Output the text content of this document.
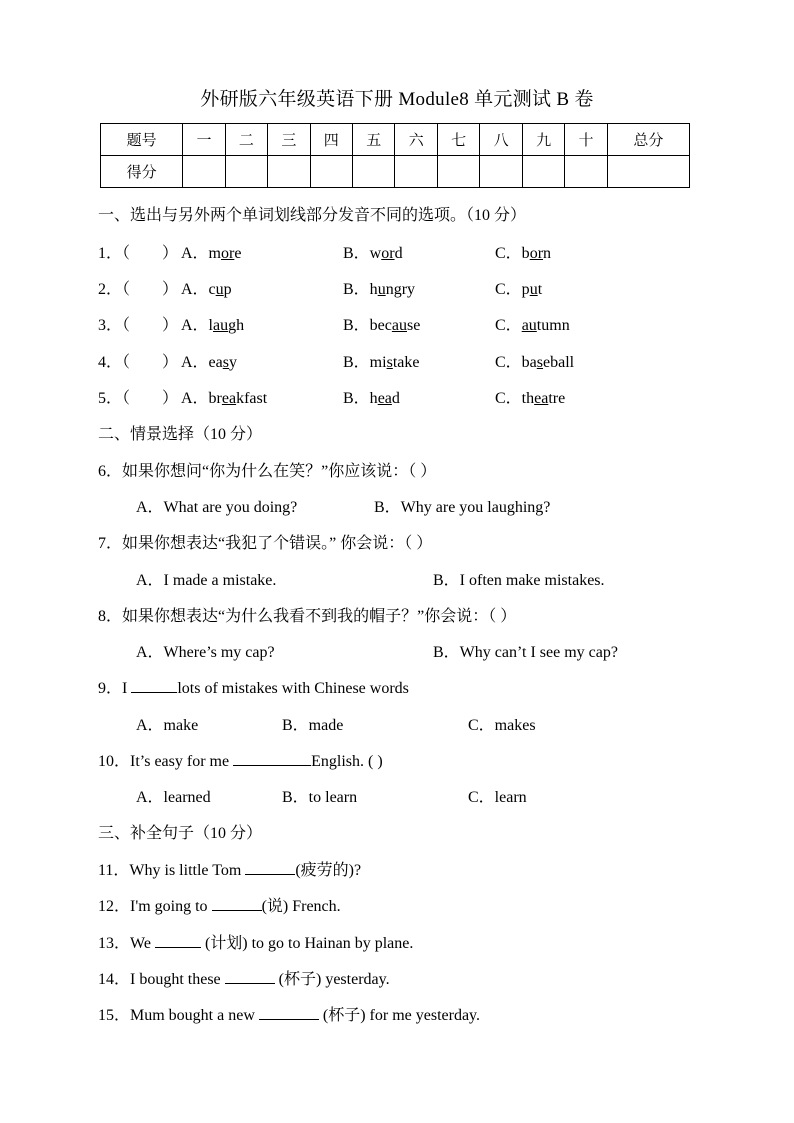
外研版六年级英语下册 Module8 单元测试 B 卷
题号	一	二	三	四	五	六	七	八	九	十	总分
得分											
一、选出与另外两个单词划线部分发音不同的选项。（10 分）
1．（　　） A．more	B．word	C．born
2．（　　） A．cup	B．hungry	C．put
3．（　　） A．laugh	B．because	C．autumn
4．（　　） A．easy	B．mistake	C．baseball
5．（　　） A．breakfast	B．head	C．theatre
二、情景选择（10 分）
6．如果你想问“你为什么在笑？”你应该说：（ ）
A．What are you doing?	B．Why are you laughing?
7．如果你想表达“我犯了个错误。” 你会说：（ ）
A．I made a mistake.	B．I often make mistakes.
8．如果你想表达“为什么我看不到我的帽子？”你会说：（ ）
A．Where’s my cap?	B．Why can’t I see my cap?
9．I	lots of mistakes with Chinese words
A．make	B．made	C．makes
10．It’s easy for me	English. ( )
A．learned	B．to learn	C．learn
三、补全句子（10 分）
11．Why is little Tom	(疲劳的)?
12．I'm going to	(说) French.
13．We	(计划) to go to Hainan by plane.
14．I bought these	(杯子) yesterday.
15．Mum bought a new	(杯子) for me yesterday.
